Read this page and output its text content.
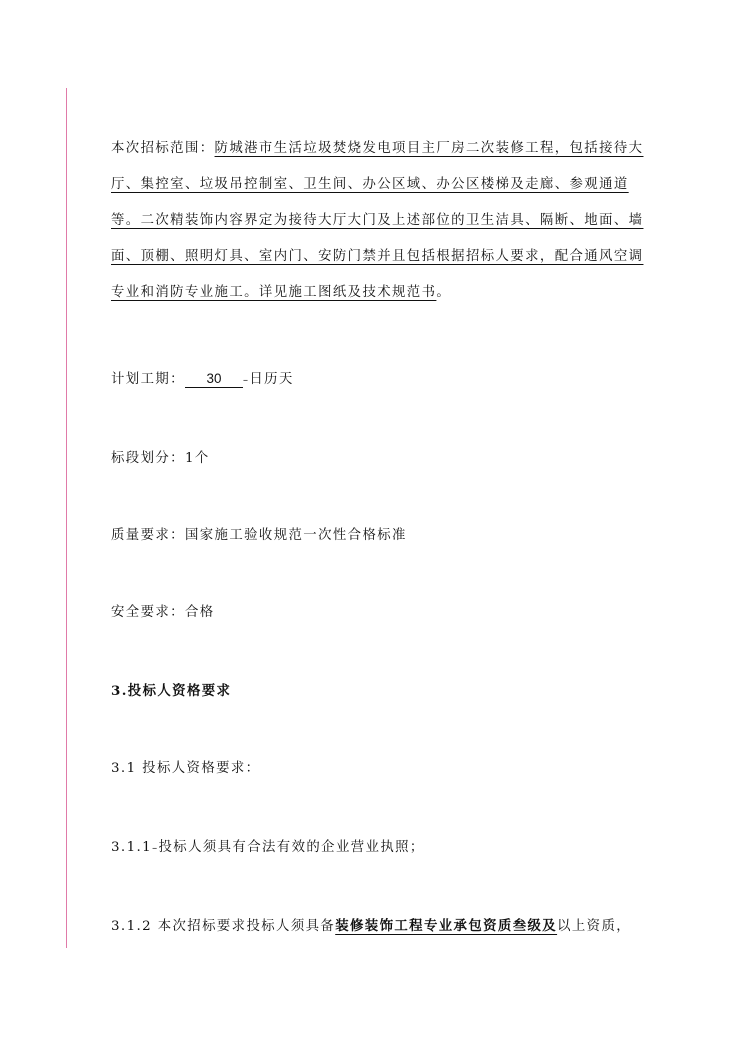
本次招标范围：防城港市生活垃圾焚烧发电项目主厂房二次装修工程，包括接待大厅、集控室、垃圾吊控制室、卫生间、办公区域、办公区楼梯及走廊、参观通道等。二次精装饰内容界定为接待大厅大门及上述部位的卫生洁具、隔断、地面、墙面、顶棚、照明灯具、室内门、安防门禁并且包括根据招标人要求，配合通风空调专业和消防专业施工。详见施工图纸及技术规范书。

计划工期： 30 –日历天

标段划分：1个

质量要求：国家施工验收规范一次性合格标准

安全要求：合格

3.投标人资格要求

3.1 投标人资格要求：

3.1.1–投标人须具有合法有效的企业营业执照；

3.1.2 本次招标要求投标人须具备装修装饰工程专业承包资质叁级及以上资质，
